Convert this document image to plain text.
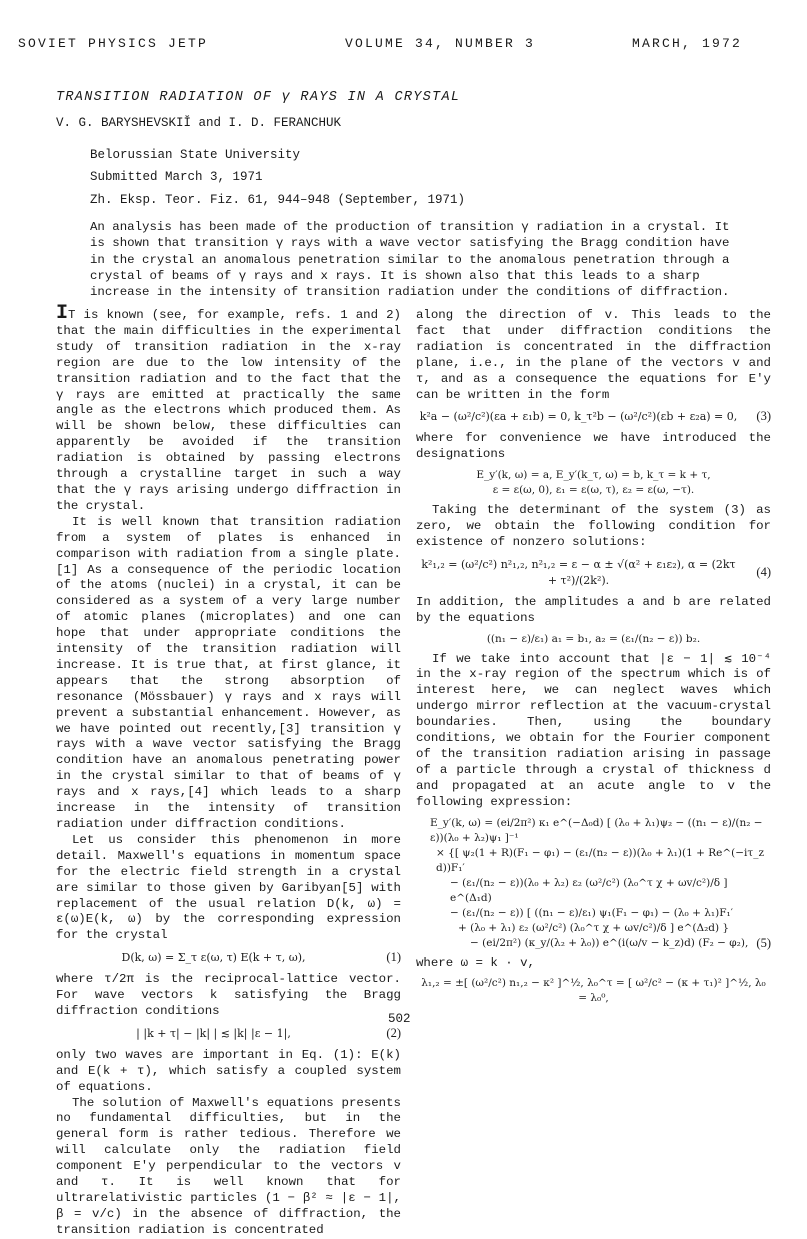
SOVIET PHYSICS JETP	VOLUME 34, NUMBER 3	MARCH, 1972
TRANSITION RADIATION OF γ RAYS IN A CRYSTAL
V. G. BARYSHEVSKIĬ and I. D. FERANCHUK
Belorussian State University
Submitted March 3, 1971
Zh. Eksp. Teor. Fiz. 61, 944–948 (September, 1971)
An analysis has been made of the production of transition γ radiation in a crystal. It is shown that transition γ rays with a wave vector satisfying the Bragg condition have in the crystal an anomalous penetration similar to the anomalous penetration through a crystal of beams of γ rays and x rays. It is shown also that this leads to a sharp increase in the intensity of transition radiation under the conditions of diffraction.

IT is known (see, for example, refs. 1 and 2) that the main difficulties in the experimental study of transition radiation in the x-ray region are due to the low intensity of the transition radiation and to the fact that the γ rays are emitted at practically the same angle as the electrons which produced them. As will be shown below, these difficulties can apparently be avoided if the transition radiation is obtained by passing electrons through a crystalline target in such a way that the γ rays arising undergo diffraction in the crystal.

It is well known that transition radiation from a system of plates is enhanced in comparison with radiation from a single plate.[1] As a consequence of the periodic location of the atoms (nuclei) in a crystal, it can be considered as a system of a very large number of atomic planes (microplates) and one can hope that under appropriate conditions the intensity of the transition radiation will increase. It is true that, at first glance, it appears that the strong absorption of resonance (Mössbauer) γ rays and x rays will prevent a substantial enhancement. However, as we have pointed out recently,[3] transition γ rays with a wave vector satisfying the Bragg condition have an anomalous penetrating power in the crystal similar to that of beams of γ rays and x rays,[4] which leads to a sharp increase in the intensity of transition radiation under diffraction conditions.

Let us consider this phenomenon in more detail. Maxwell's equations in momentum space for the electric field strength in a crystal are similar to those given by Garibyan[5] with replacement of the usual relation D(k, ω) = ε(ω)E(k, ω) by the corresponding expression for the crystal

D(k, ω) = Σ_τ ε(ω, τ) E(k + τ, ω),	(1)

where τ/2π is the reciprocal-lattice vector. For wave vectors k satisfying the Bragg diffraction conditions

| |k + τ| − |k| | ≲ |k| |ε − 1|,	(2)

only two waves are important in Eq. (1): E(k) and E(k + τ), which satisfy a coupled system of equations.

The solution of Maxwell's equations presents no fundamental difficulties, but in the general form is rather tedious. Therefore we will calculate only the radiation field component E′y perpendicular to the vectors v and τ. It is well known that for ultrarelativistic particles (1 − β² ≈ |ε − 1|, β = v/c) in the absence of diffraction, the transition radiation is concentrated

along the direction of v. This leads to the fact that under diffraction conditions the radiation is concentrated in the diffraction plane, i.e., in the plane of the vectors v and τ, and as a consequence the equations for E′y can be written in the form

k²a − (ω²/c²)(εa + ε₁b) = 0, k_τ²b − (ω²/c²)(εb + ε₂a) = 0,	(3)

where for convenience we have introduced the designations

E_y′(k, ω) = a, E_y′(k_τ, ω) = b, k_τ = k + τ,
ε = ε(ω, 0), ε₁ = ε(ω, τ), ε₂ = ε(ω, −τ).

Taking the determinant of the system (3) as zero, we obtain the following condition for existence of nonzero solutions:

k²₁,₂ = (ω²/c²) n²₁,₂, n²₁,₂ = ε − α ± √(α² + ε₁ε₂), α = (2kτ + τ²)/(2k²).
(4)

In addition, the amplitudes a and b are related by the equations

((n₁ − ε)/ε₁) a₁ = b₁, a₂ = (ε₁/(n₂ − ε)) b₂.

If we take into account that |ε − 1| ≲ 10⁻⁴ in the x-ray region of the spectrum which is of interest here, we can neglect waves which undergo mirror reflection at the vacuum-crystal boundaries. Then, using the boundary conditions, we obtain for the Fourier component of the transition radiation arising in passage of a particle through a crystal of thickness d and propagated at an acute angle to v the following expression:

E_y′(k, ω) = (ei/2π²) κ₁ e^(−Δ₀d) [ (λ₀ + λ₁)ψ₂ − ((n₁ − ε)/(n₂ − ε))(λ₀ + λ₂)ψ₁ ]⁻¹
× {[ ψ₂(1 + R)(F₁ − φ₁) − (ε₁/(n₂ − ε))(λ₀ + λ₁)(1 + Re^(−iτ_z d))F₁′
− (ε₁/(n₂ − ε))(λ₀ + λ₂) ε₂ (ω²/c²) (λ₀^τ χ + ωv/c²)/δ ] e^(Δ₁d)
− (ε₁/(n₂ − ε)) [ ((n₁ − ε)/ε₁) ψ₁(F₁ − φ₁) − (λ₀ + λ₁)F₁′
+ (λ₀ + λ₁) ε₂ (ω²/c²) (λ₀^τ χ + ωv/c²)/δ ] e^(Δ₂d) }
− (ei/2π²) (κ_y/(λ₂ + λ₀)) e^(i(ω/v − k_z)d) (F₂ − φ₂), (5)

where ω = k · v,

λ₁,₂ = ±[ (ω²/c²) n₁,₂ − κ² ]^½, λ₀^τ = [ ω²/c² − (κ + τ₁)² ]^½, λ₀ = λ₀⁰,
502
